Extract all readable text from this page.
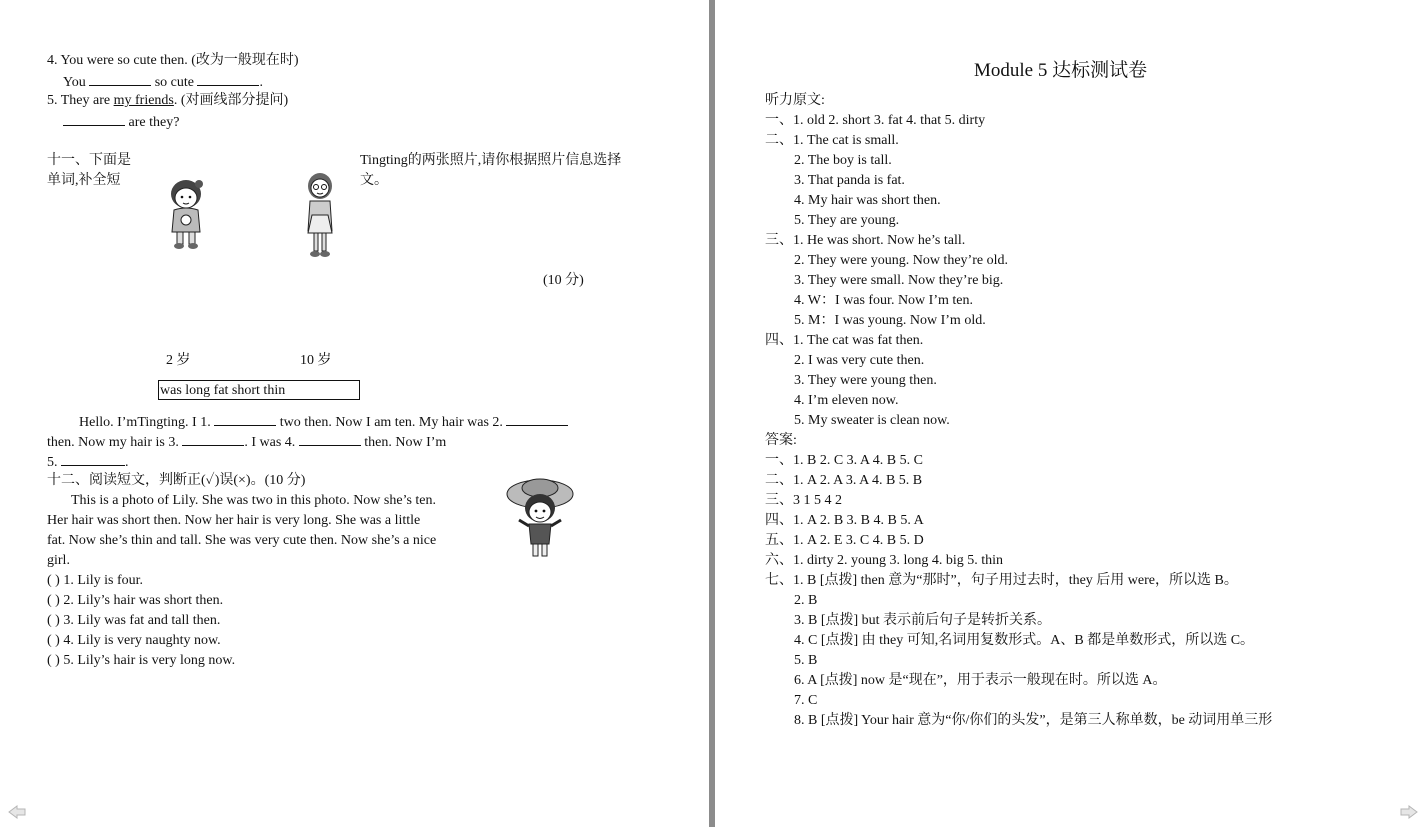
4. You were so cute then. (改为一般现在时)
You	so cute	.
5. They are my friends. (对画线部分提问)
are they?
十一、下面是
单词,补全短
Tingting的两张照片,请你根据照片信息选择
文。
(10 分)
2 岁	10 岁
was long fat short thin
Hello. I’mTingting. I 1.	two then. Now I am ten. My hair was 2.
then. Now my hair is 3.	. I was 4.	then. Now I’m
5.	.
十二、阅读短文，判断正(✓)误(×)。(10 分)
This is a photo of Lily. She was two in this photo. Now she’s ten.
Her hair was short then. Now her hair is very long. She was a little
fat. Now she’s thin and tall. She was very cute then. Now she’s a nice
girl.
( ) 1. Lily is four.
( ) 2. Lily’s hair was short then.
( ) 3. Lily was fat and tall then.
( ) 4. Lily is very naughty now.
( ) 5. Lily’s hair is very long now.
Module 5 达标测试卷
听力原文:
一、1. old 2. short 3. fat 4. that 5. dirty
二、1. The cat is small.
2. The boy is tall.
3. That panda is fat.
4. My hair was short then.
5. They are young.
三、1. He was short. Now he’s tall.
2. They were young. Now they’re old.
3. They were small. Now they’re big.
4. W：I was four. Now I’m ten.
5. M：I was young. Now I’m old.
四、1. The cat was fat then.
2. I was very cute then.
3. They were young then.
4. I’m eleven now.
5. My sweater is clean now.
答案:
一、1. B 2. C 3. A 4. B 5. C
二、1. A 2. A 3. A 4. B 5. B
三、3 1 5 4 2
四、1. A 2. B 3. B 4. B 5. A
五、1. A 2. E 3. C 4. B 5. D
六、1. dirty 2. young 3. long 4. big 5. thin
七、1. B [点拨] then 意为“那时”，句子用过去时，they 后用 were，所以选 B。
2. B
3. B [点拨] but 表示前后句子是转折关系。
4. C [点拨] 由 they 可知,名词用复数形式。A、B 都是单数形式，所以选 C。
5. B
6. A [点拨] now 是“现在”，用于表示一般现在时。所以选 A。
7. C
8. B [点拨] Your hair 意为“你/你们的头发”，是第三人称单数，be 动词用单三形
